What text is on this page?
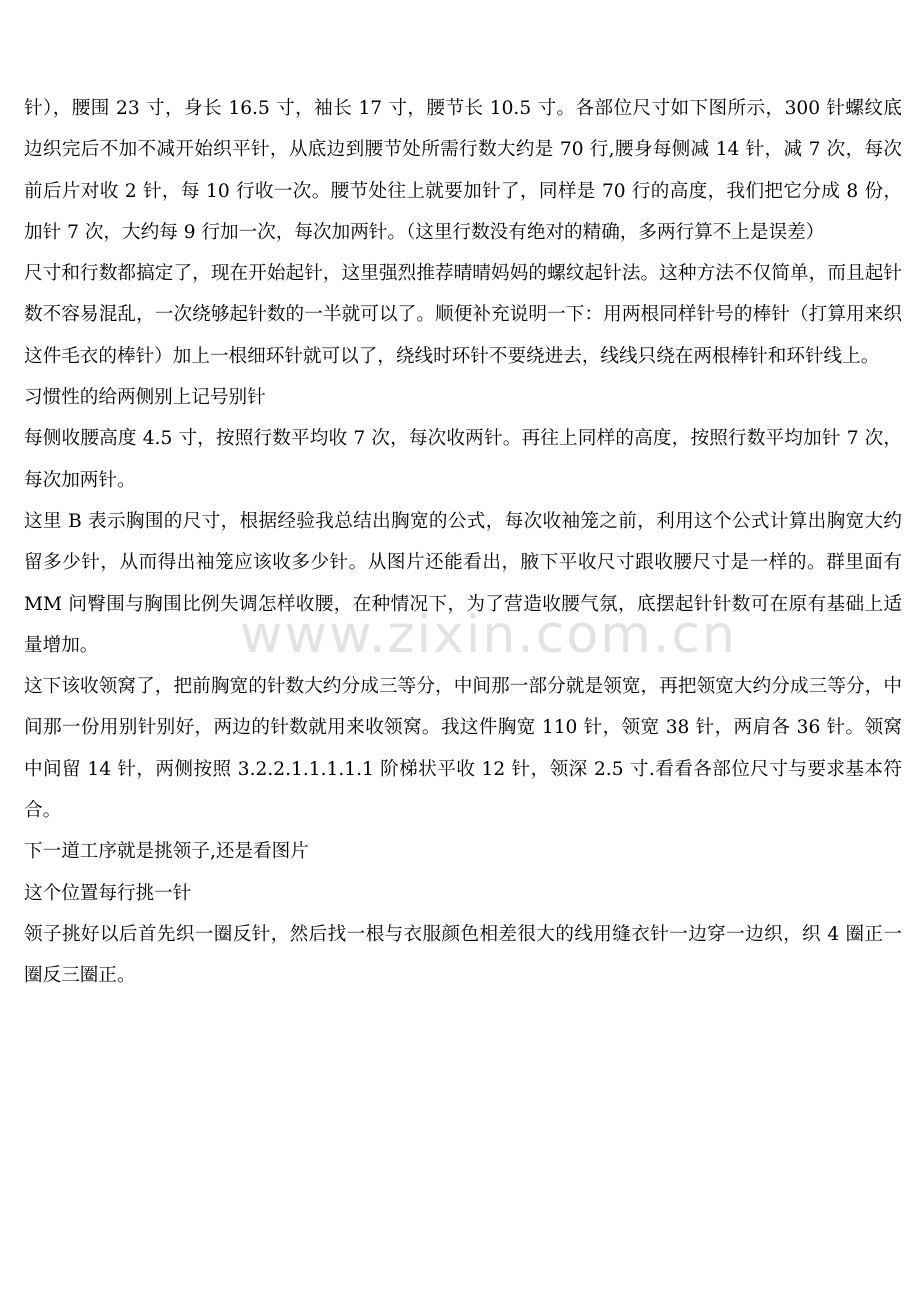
针），腰围 23 寸，身长 16.5 寸，袖长 17 寸，腰节长 10.5 寸。各部位尺寸如下图所示，300 针螺纹底边织完后不加不减开始织平针，从底边到腰节处所需行数大约是 70 行,腰身每侧减 14 针，减 7 次，每次前后片对收 2 针，每 10 行收一次。腰节处往上就要加针了，同样是 70 行的高度，我们把它分成 8 份，加针 7 次，大约每 9 行加一次，每次加两针。（这里行数没有绝对的精确，多两行算不上是误差）

尺寸和行数都搞定了，现在开始起针，这里强烈推荐晴晴妈妈的螺纹起针法。这种方法不仅简单，而且起针数不容易混乱，一次绕够起针数的一半就可以了。顺便补充说明一下：用两根同样针号的棒针（打算用来织这件毛衣的棒针）加上一根细环针就可以了，绕线时环针不要绕进去，线线只绕在两根棒针和环针线上。

习惯性的给两侧别上记号别针

每侧收腰高度 4.5 寸，按照行数平均收 7 次，每次收两针。再往上同样的高度，按照行数平均加针 7 次，每次加两针。

这里 B 表示胸围的尺寸，根据经验我总结出胸宽的公式，每次收袖笼之前，利用这个公式计算出胸宽大约留多少针，从而得出袖笼应该收多少针。从图片还能看出，腋下平收尺寸跟收腰尺寸是一样的。群里面有 MM 问臀围与胸围比例失调怎样收腰，在种情况下，为了营造收腰气氛，底摆起针针数可在原有基础上适量增加。

这下该收领窝了，把前胸宽的针数大约分成三等分，中间那一部分就是领宽，再把领宽大约分成三等分，中间那一份用别针别好，两边的针数就用来收领窝。我这件胸宽 110 针，领宽 38 针，两肩各 36 针。领窝中间留 14 针，两侧按照 3.2.2.1.1.1.1.1 阶梯状平收 12 针，领深 2.5 寸.看看各部位尺寸与要求基本符合。

下一道工序就是挑领子,还是看图片

这个位置每行挑一针

领子挑好以后首先织一圈反针，然后找一根与衣服颜色相差很大的线用缝衣针一边穿一边织，织 4 圈正一圈反三圈正。

www.zixin.com.cn
